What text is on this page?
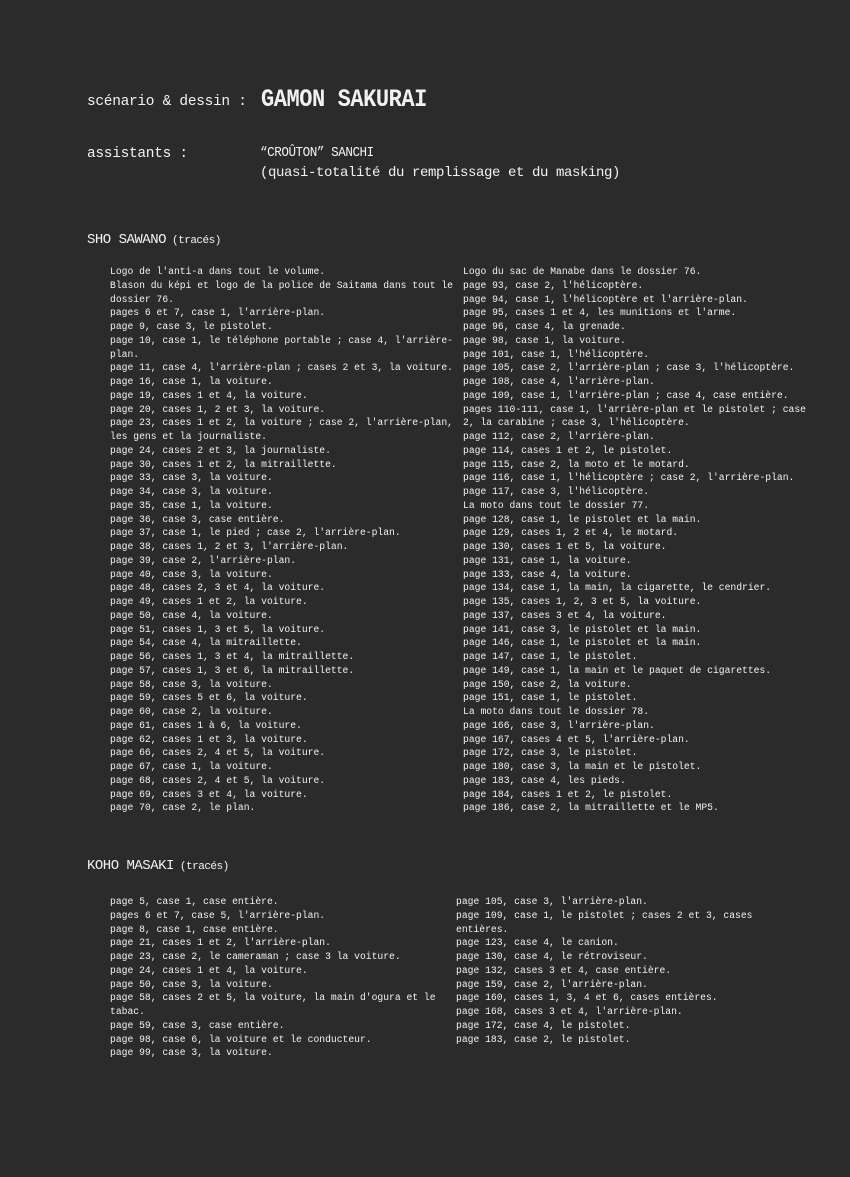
scénario & dessin : GAMON SAKURAI
assistants :	“CROÛTON” SANCHI
(quasi-totalité du remplissage et du masking)
SHO SAWANO (tracés)
Logo de l'anti-a dans tout le volume.
Blason du képi et logo de la police de Saitama dans tout le dossier 76.
pages 6 et 7, case 1, l'arrière-plan.
page 9, case 3, le pistolet.
page 10, case 1, le téléphone portable ; case 4, l'arrière-plan.
page 11, case 4, l'arrière-plan ; cases 2 et 3, la voiture.
page 16, case 1, la voiture.
page 19, cases 1 et 4, la voiture.
page 20, cases 1, 2 et 3, la voiture.
page 23, cases 1 et 2, la voiture ; case 2, l'arrière-plan, les gens et la journaliste.
page 24, cases 2 et 3, la journaliste.
page 30, cases 1 et 2, la mitraillette.
page 33, case 3, la voiture.
page 34, case 3, la voiture.
page 35, case 1, la voiture.
page 36, case 3, case entière.
page 37, case 1, le pied ; case 2, l'arrière-plan.
page 38, cases 1, 2 et 3, l'arrière-plan.
page 39, case 2, l'arrière-plan.
page 40, case 3, la voiture.
page 48, cases 2, 3 et 4, la voiture.
page 49, cases 1 et 2, la voiture.
page 50, case 4, la voiture.
page 51, cases 1, 3 et 5, la voiture.
page 54, case 4, la mitraillette.
page 56, cases 1, 3 et 4, la mitraillette.
page 57, cases 1, 3 et 6, la mitraillette.
page 58, case 3, la voiture.
page 59, cases 5 et 6, la voiture.
page 60, case 2, la voiture.
page 61, cases 1 à 6, la voiture.
page 62, cases 1 et 3, la voiture.
page 66, cases 2, 4 et 5, la voiture.
page 67, case 1, la voiture.
page 68, cases 2, 4 et 5, la voiture.
page 69, cases 3 et 4, la voiture.
page 70, case 2, le plan.
Logo du sac de Manabe dans le dossier 76.
page 93, case 2, l'hélicoptère.
page 94, case 1, l'hélicoptère et l'arrière-plan.
page 95, cases 1 et 4, les munitions et l'arme.
page 96, case 4, la grenade.
page 98, case 1, la voiture.
page 101, case 1, l'hélicoptère.
page 105, case 2, l'arrière-plan ; case 3, l'hélicoptère.
page 108, case 4, l'arrière-plan.
page 109, case 1, l'arrière-plan ; case 4, case entière.
pages 110-111, case 1, l'arrière-plan et le pistolet ; case 2, la carabine ; case 3, l'hélicoptère.
page 112, case 2, l'arrière-plan.
page 114, cases 1 et 2, le pistolet.
page 115, case 2, la moto et le motard.
page 116, case 1, l'hélicoptère ; case 2, l'arrière-plan.
page 117, case 3, l'hélicoptère.
La moto dans tout le dossier 77.
page 128, case 1, le pistolet et la main.
page 129, cases 1, 2 et 4, le motard.
page 130, cases 1 et 5, la voiture.
page 131, case 1, la voiture.
page 133, case 4, la voiture.
page 134, case 1, la main, la cigarette, le cendrier.
page 135, cases 1, 2, 3 et 5, la voiture.
page 137, cases 3 et 4, la voiture.
page 141, case 3, le pistolet et la main.
page 146, case 1, le pistolet et la main.
page 147, case 1, le pistolet.
page 149, case 1, la main et le paquet de cigarettes.
page 150, case 2, la voiture.
page 151, case 1, le pistolet.
La moto dans tout le dossier 78.
page 166, case 3, l'arrière-plan.
page 167, cases 4 et 5, l'arrière-plan.
page 172, case 3, le pistolet.
page 180, case 3, la main et le pistolet.
page 183, case 4, les pieds.
page 184, cases 1 et 2, le pistolet.
page 186, case 2, la mitraillette et le MP5.
KOHO MASAKI (tracés)
page 5, case 1, case entière.
pages 6 et 7, case 5, l'arrière-plan.
page 8, case 1, case entière.
page 21, cases 1 et 2, l'arrière-plan.
page 23, case 2, le cameraman ; case 3 la voiture.
page 24, cases 1 et 4, la voiture.
page 50, case 3, la voiture.
page 58, cases 2 et 5, la voiture, la main d'ogura et le tabac.
page 59, case 3, case entière.
page 98, case 6, la voiture et le conducteur.
page 99, case 3, la voiture.
page 105, case 3, l'arrière-plan.
page 109, case 1, le pistolet ; cases 2 et 3, cases entières.
page 123, case 4, le canion.
page 130, case 4, le rétroviseur.
page 132, cases 3 et 4, case entière.
page 159, case 2, l'arrière-plan.
page 160, cases 1, 3, 4 et 6, cases entières.
page 168, cases 3 et 4, l'arrière-plan.
page 172, case 4, le pistolet.
page 183, case 2, le pistolet.
